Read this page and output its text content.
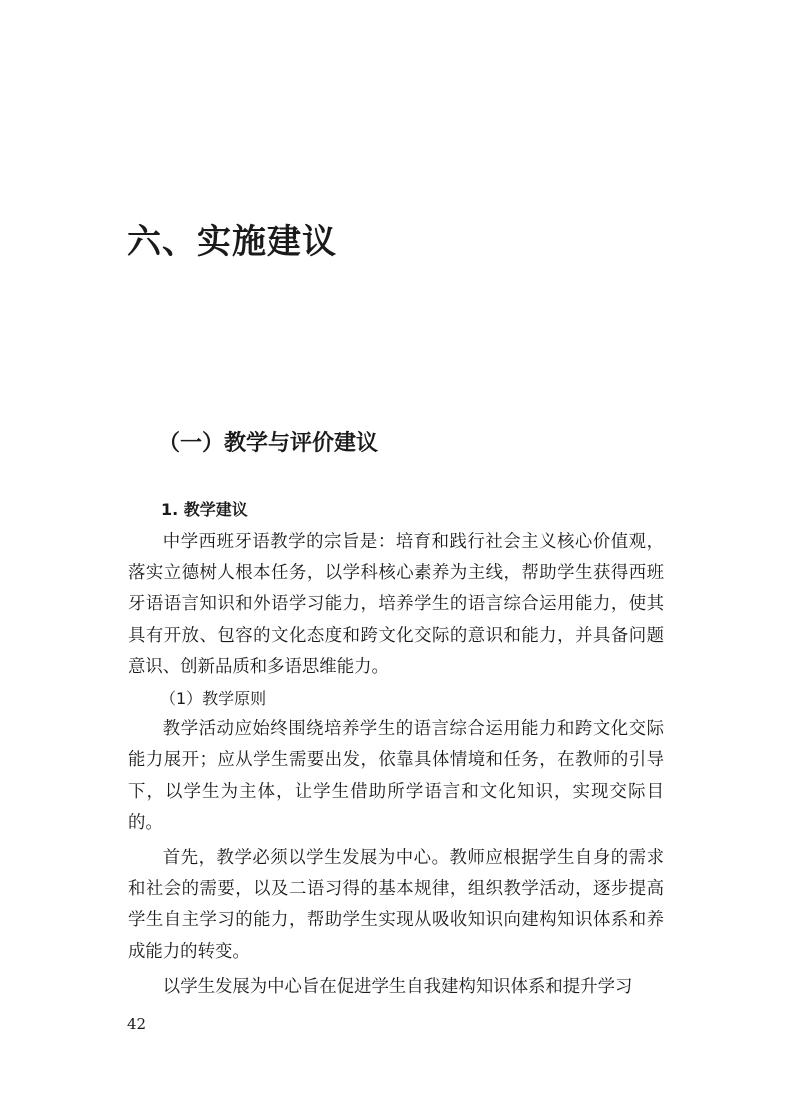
六、实施建议
（一）教学与评价建议
1. 教学建议

中学西班牙语教学的宗旨是：培育和践行社会主义核心价值观，落实立德树人根本任务，以学科核心素养为主线，帮助学生获得西班牙语语言知识和外语学习能力，培养学生的语言综合运用能力，使其具有开放、包容的文化态度和跨文化交际的意识和能力，并具备问题意识、创新品质和多语思维能力。

（1）教学原则

教学活动应始终围绕培养学生的语言综合运用能力和跨文化交际能力展开；应从学生需要出发，依靠具体情境和任务，在教师的引导下，以学生为主体，让学生借助所学语言和文化知识，实现交际目的。

首先，教学必须以学生发展为中心。教师应根据学生自身的需求和社会的需要，以及二语习得的基本规律，组织教学活动，逐步提高学生自主学习的能力，帮助学生实现从吸收知识向建构知识体系和养成能力的转变。

以学生发展为中心旨在促进学生自我建构知识体系和提升学习

42
